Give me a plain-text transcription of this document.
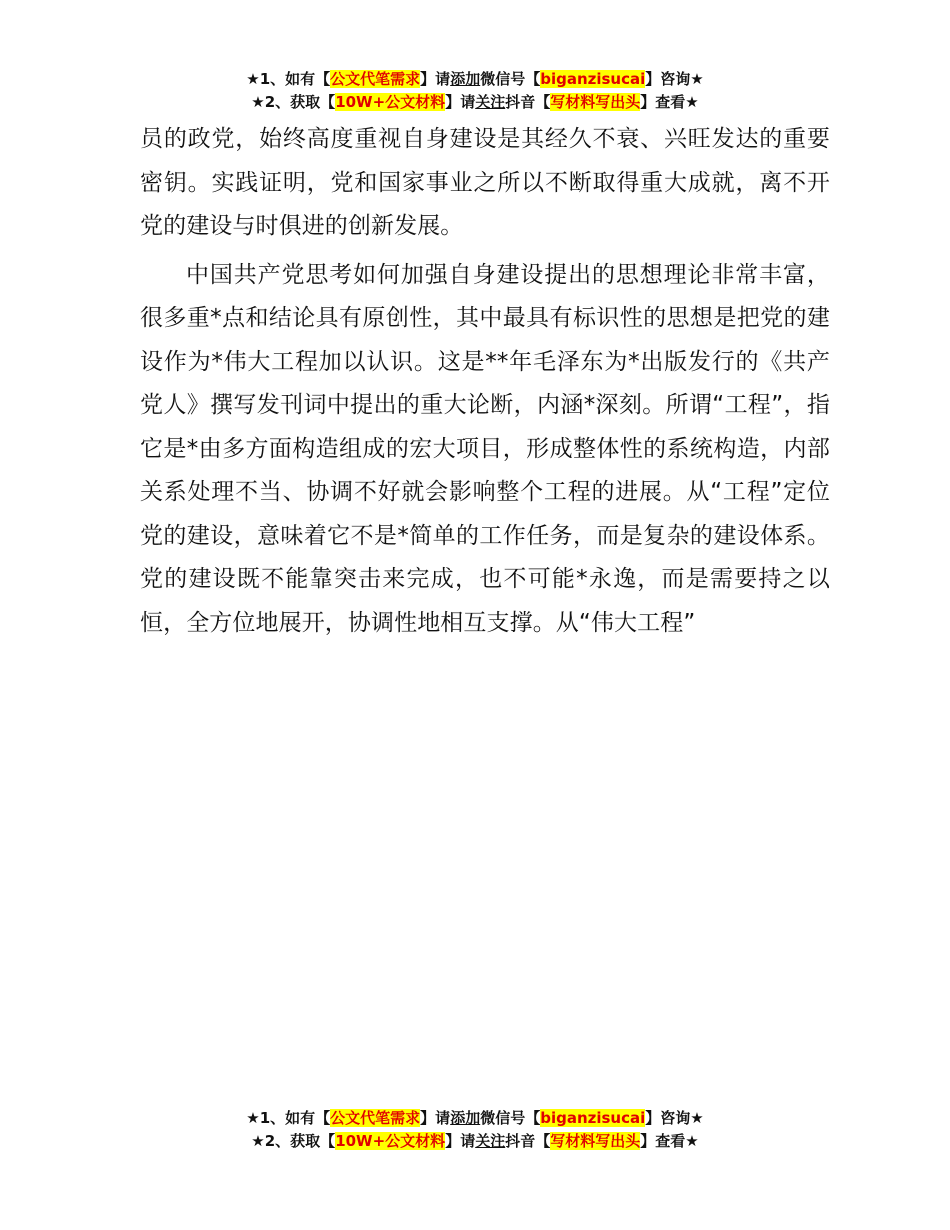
★1、如有【公文代笔需求】请添加微信号【biganzisucai】咨询★
★2、获取【10W+公文材料】请关注抖音【写材料写出头】查看★

员的政党，始终高度重视自身建设是其经久不衰、兴旺发达的重要密钥。实践证明，党和国家事业之所以不断取得重大成就，离不开党的建设与时俱进的创新发展。

中国共产党思考如何加强自身建设提出的思想理论非常丰富，很多重*点和结论具有原创性，其中最具有标识性的思想是把党的建设作为*伟大工程加以认识。这是**年毛泽东为*出版发行的《共产党人》撰写发刊词中提出的重大论断，内涵*深刻。所谓“工程”，指它是*由多方面构造组成的宏大项目，形成整体性的系统构造，内部关系处理不当、协调不好就会影响整个工程的进展。从“工程”定位党的建设，意味着它不是*简单的工作任务，而是复杂的建设体系。党的建设既不能靠突击来完成，也不可能*永逸，而是需要持之以恒，全方位地展开，协调性地相互支撑。从“伟大工程”

★1、如有【公文代笔需求】请添加微信号【biganzisucai】咨询★
★2、获取【10W+公文材料】请关注抖音【写材料写出头】查看★
